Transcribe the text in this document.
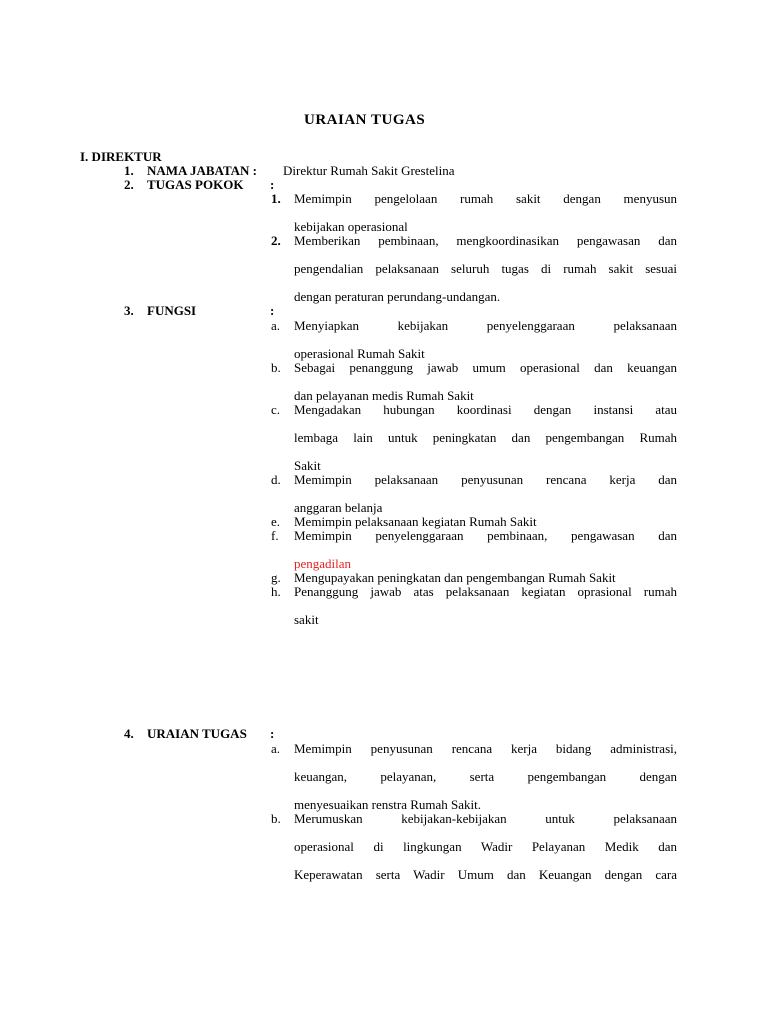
URAIAN TUGAS
I. DIREKTUR
1. NAMA JABATAN : Direktur Rumah Sakit Grestelina
2. TUGAS POKOK :
1. Memimpin pengelolaan rumah sakit dengan menyusun
kebijakan operasional
2. Memberikan pembinaan, mengkoordinasikan pengawasan dan
pengendalian pelaksanaan seluruh tugas di rumah sakit sesuai
dengan peraturan perundang-undangan.
3. FUNGSI	:
a. Menyiapkan kebijakan penyelenggaraan pelaksanaan
operasional Rumah Sakit
b. Sebagai penanggung jawab umum operasional dan keuangan
dan pelayanan medis Rumah Sakit
c. Mengadakan hubungan koordinasi dengan instansi atau
lembaga lain untuk peningkatan dan pengembangan Rumah
Sakit
d. Memimpin pelaksanaan penyusunan rencana kerja dan
anggaran belanja
e. Memimpin pelaksanaan kegiatan Rumah Sakit
f. Memimpin penyelenggaraan pembinaan, pengawasan dan
pengadilan
g. Mengupayakan peningkatan dan pengembangan Rumah Sakit
h. Penanggung jawab atas pelaksanaan kegiatan oprasional rumah
sakit
4. URAIAN TUGAS :
a. Memimpin penyusunan rencana kerja bidang administrasi,
keuangan, pelayanan, serta pengembangan dengan
menyesuaikan renstra Rumah Sakit.
b. Merumuskan kebijakan-kebijakan untuk pelaksanaan
operasional di lingkungan Wadir Pelayanan Medik dan
Keperawatan serta Wadir Umum dan Keuangan dengan cara
